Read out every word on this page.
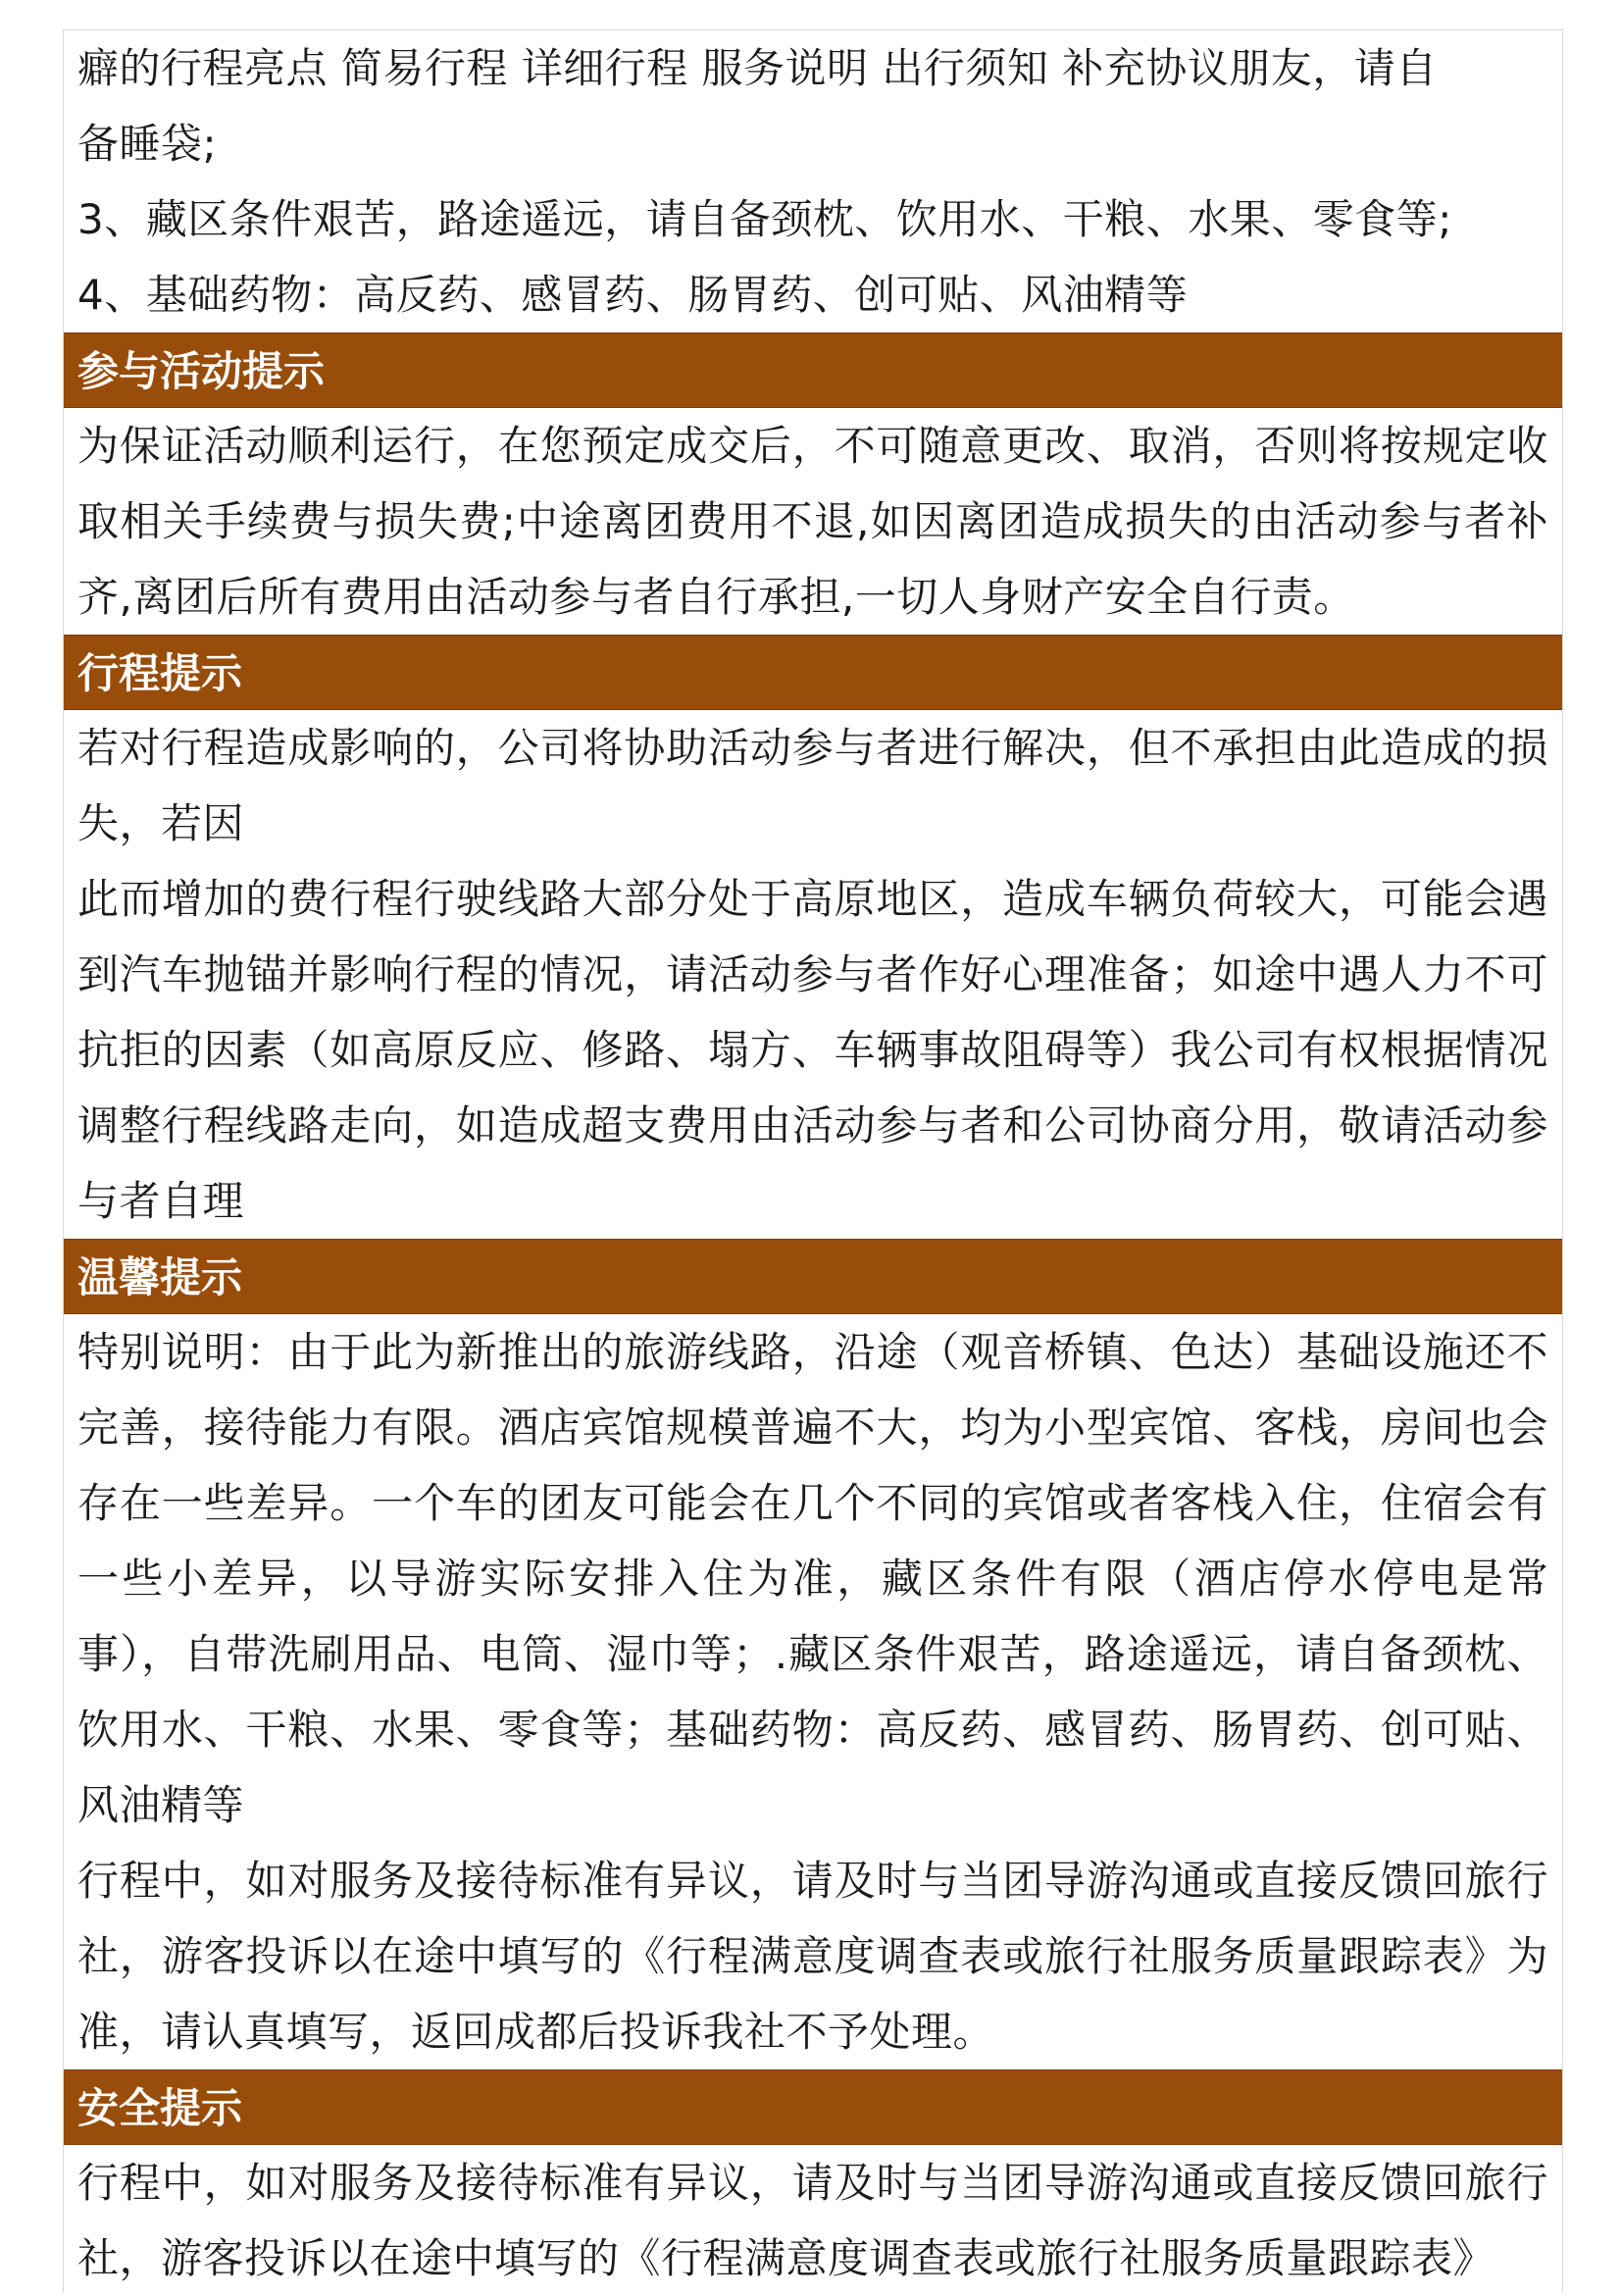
癖的行程亮点 简易行程 详细行程 服务说明 出行须知 补充协议朋友，请自

备睡袋;

3、藏区条件艰苦，路途遥远，请自备颈枕、饮用水、干粮、水果、零食等;

4、基础药物：高反药、感冒药、肠胃药、创可贴、风油精等

参与活动提示

为保证活动顺利运行，在您预定成交后，不可随意更改、取消，否则将按规定收取相关手续费与损失费;中途离团费用不退,如因离团造成损失的由活动参与者补齐,离团后所有费用由活动参与者自行承担,一切人身财产安全自行责。

行程提示

若对行程造成影响的，公司将协助活动参与者进行解决，但不承担由此造成的损失，若因

此而增加的费行程行驶线路大部分处于高原地区，造成车辆负荷较大，可能会遇到汽车抛锚并影响行程的情况，请活动参与者作好心理准备；如途中遇人力不可抗拒的因素（如高原反应、修路、塌方、车辆事故阻碍等）我公司有权根据情况调整行程线路走向，如造成超支费用由活动参与者和公司协商分用，敬请活动参与者自理

温馨提示

特别说明：由于此为新推出的旅游线路，沿途（观音桥镇、色达）基础设施还不完善，接待能力有限。酒店宾馆规模普遍不大，均为小型宾馆、客栈，房间也会存在一些差异。一个车的团友可能会在几个不同的宾馆或者客栈入住，住宿会有一些小差异，以导游实际安排入住为准，藏区条件有限（酒店停水停电是常事），自带洗刷用品、电筒、湿巾等；.藏区条件艰苦，路途遥远，请自备颈枕、饮用水、干粮、水果、零食等；基础药物：高反药、感冒药、肠胃药、创可贴、风油精等

行程中，如对服务及接待标准有异议，请及时与当团导游沟通或直接反馈回旅行社，游客投诉以在途中填写的《行程满意度调查表或旅行社服务质量跟踪表》为准，请认真填写，返回成都后投诉我社不予处理。

安全提示

行程中，如对服务及接待标准有异议，请及时与当团导游沟通或直接反馈回旅行社，游客投诉以在途中填写的《行程满意度调查表或旅行社服务质量跟踪表》
